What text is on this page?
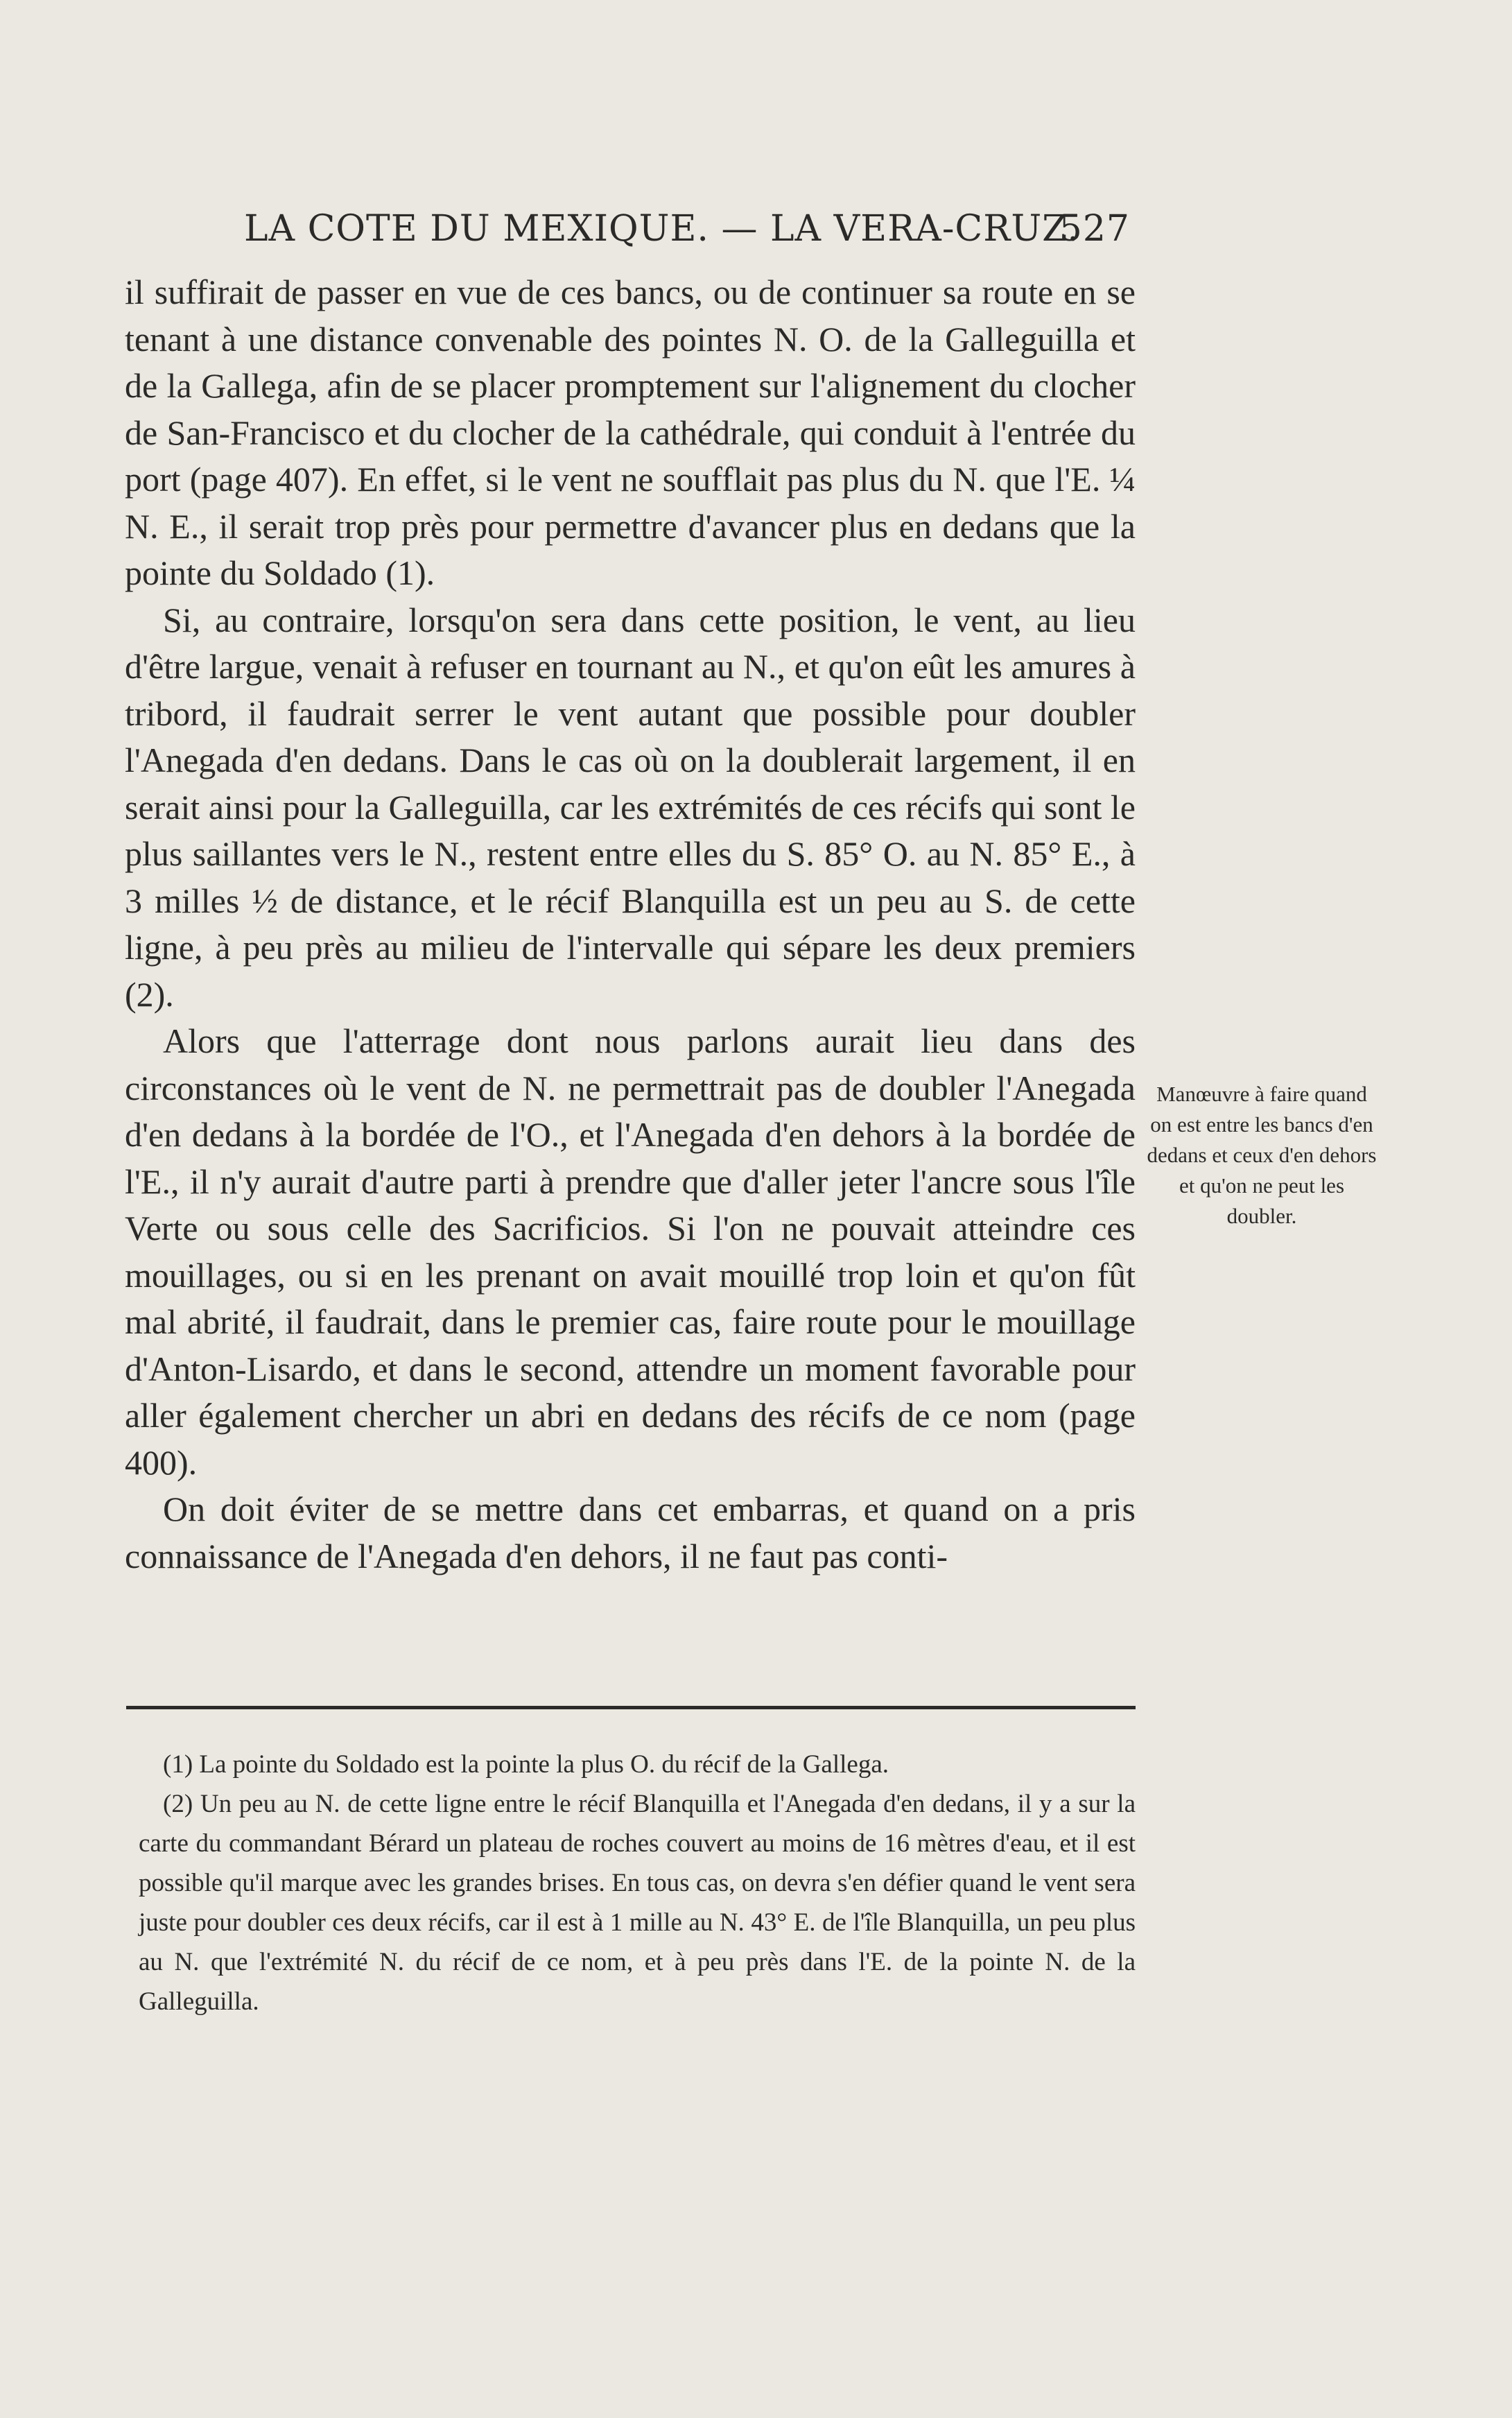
LA COTE DU MEXIQUE. — LA VERA-CRUZ.
527

il suffirait de passer en vue de ces bancs, ou de continuer sa route en se tenant à une distance convenable des pointes N. O. de la Galleguilla et de la Gallega, afin de se placer promptement sur l'alignement du clocher de San-Francisco et du clocher de la cathédrale, qui conduit à l'entrée du port (page 407). En effet, si le vent ne soufflait pas plus du N. que l'E. ¼ N. E., il serait trop près pour permettre d'avancer plus en dedans que la pointe du Soldado (1).

Si, au contraire, lorsqu'on sera dans cette position, le vent, au lieu d'être largue, venait à refuser en tournant au N., et qu'on eût les amures à tribord, il faudrait serrer le vent autant que possible pour doubler l'Anegada d'en dedans. Dans le cas où on la doublerait largement, il en serait ainsi pour la Galleguilla, car les extrémités de ces récifs qui sont le plus saillantes vers le N., restent entre elles du S. 85° O. au N. 85° E., à 3 milles ½ de distance, et le récif Blanquilla est un peu au S. de cette ligne, à peu près au milieu de l'intervalle qui sépare les deux premiers (2).

Alors que l'atterrage dont nous parlons aurait lieu dans des circonstances où le vent de N. ne permettrait pas de doubler l'Anegada d'en dedans à la bordée de l'O., et l'Anegada d'en dehors à la bordée de l'E., il n'y aurait d'autre parti à prendre que d'aller jeter l'ancre sous l'île Verte ou sous celle des Sacrificios. Si l'on ne pouvait atteindre ces mouillages, ou si en les prenant on avait mouillé trop loin et qu'on fût mal abrité, il faudrait, dans le premier cas, faire route pour le mouillage d'Anton-Lisardo, et dans le second, attendre un moment favorable pour aller également chercher un abri en dedans des récifs de ce nom (page 400).

On doit éviter de se mettre dans cet embarras, et quand on a pris connaissance de l'Anegada d'en dehors, il ne faut pas conti-

Manœuvre à faire quand on est entre les bancs d'en dedans et ceux d'en dehors et qu'on ne peut les doubler.

(1) La pointe du Soldado est la pointe la plus O. du récif de la Gallega.

(2) Un peu au N. de cette ligne entre le récif Blanquilla et l'Anegada d'en dedans, il y a sur la carte du commandant Bérard un plateau de roches couvert au moins de 16 mètres d'eau, et il est possible qu'il marque avec les grandes brises. En tous cas, on devra s'en défier quand le vent sera juste pour doubler ces deux récifs, car il est à 1 mille au N. 43° E. de l'île Blanquilla, un peu plus au N. que l'extrémité N. du récif de ce nom, et à peu près dans l'E. de la pointe N. de la Galleguilla.
